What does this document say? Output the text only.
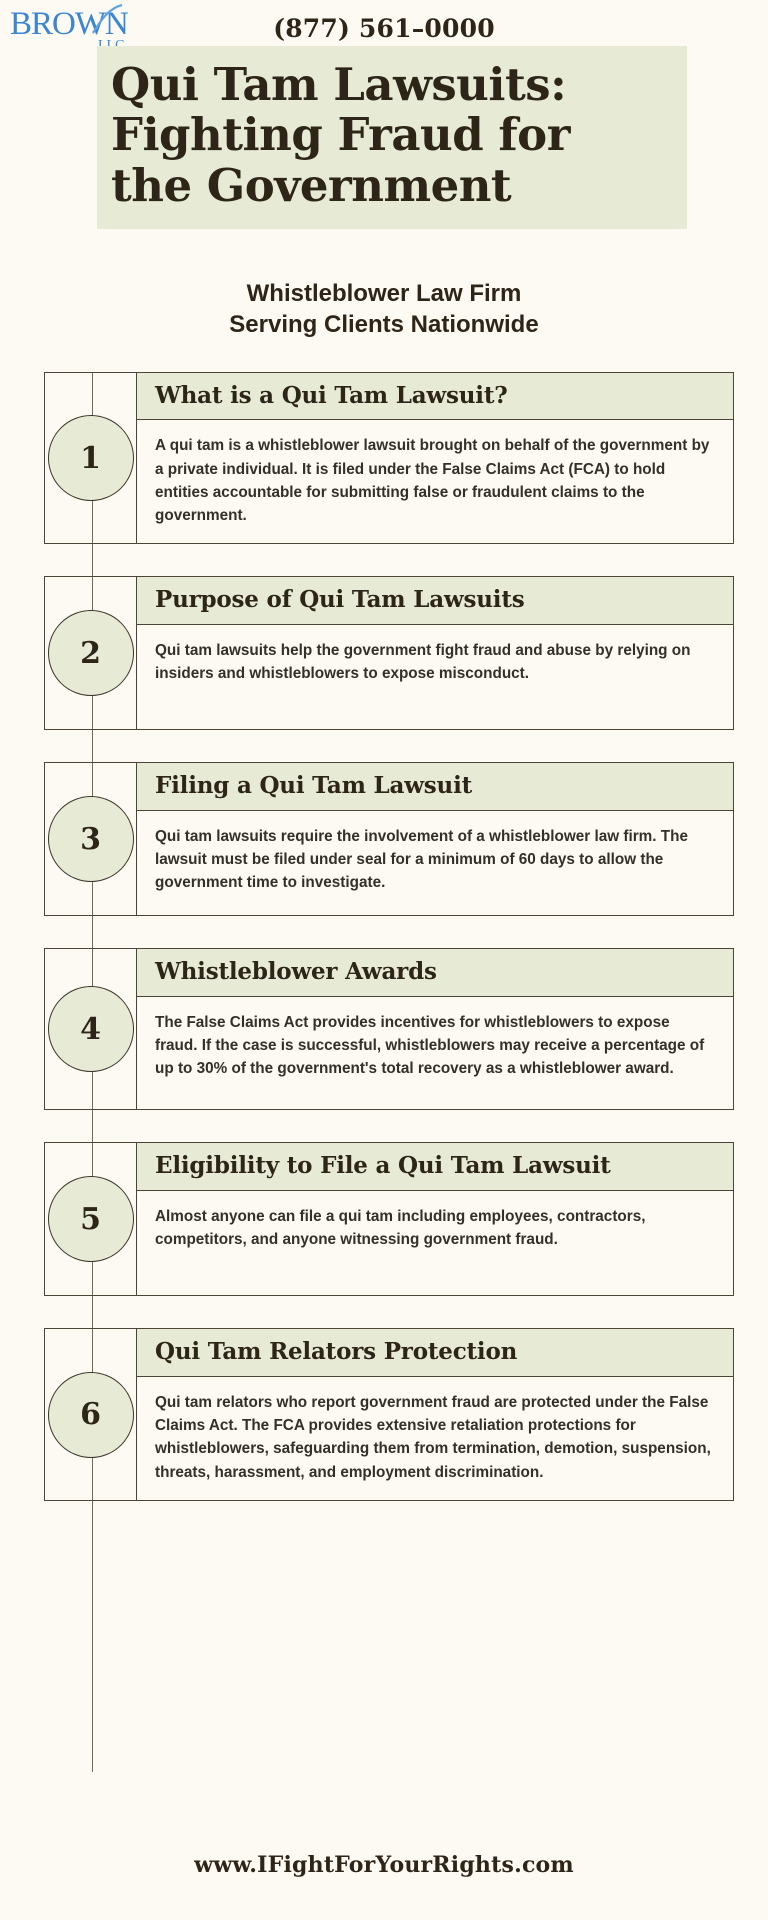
BROWN	(877) 561–0000
Qui Tam Lawsuits:
Fighting Fraud for
the Government
Whistleblower Law Firm
Serving Clients Nationwide
1
What is a Qui Tam Lawsuit?
A qui tam is a whistleblower lawsuit brought on behalf of the government by a private individual. It is filed under the False Claims Act (FCA) to hold entities accountable for submitting false or fraudulent claims to the government.
2
Purpose of Qui Tam Lawsuits
Qui tam lawsuits help the government fight fraud and abuse by relying on insiders and whistleblowers to expose misconduct.
3
Filing a Qui Tam Lawsuit
Qui tam lawsuits require the involvement of a whistleblower law firm. The lawsuit must be filed under seal for a minimum of 60 days to allow the government time to investigate.
4
Whistleblower Awards
The False Claims Act provides incentives for whistleblowers to expose fraud. If the case is successful, whistleblowers may receive a percentage of up to 30% of the government's total recovery as a whistleblower award.
5
Eligibility to File a Qui Tam Lawsuit
Almost anyone can file a qui tam including employees, contractors, competitors, and anyone witnessing government fraud.
6
Qui Tam Relators Protection
Qui tam relators who report government fraud are protected under the False Claims Act. The FCA provides extensive retaliation protections for whistleblowers, safeguarding them from termination, demotion, suspension, threats, harassment, and employment discrimination.
www.IFightForYourRights.com
